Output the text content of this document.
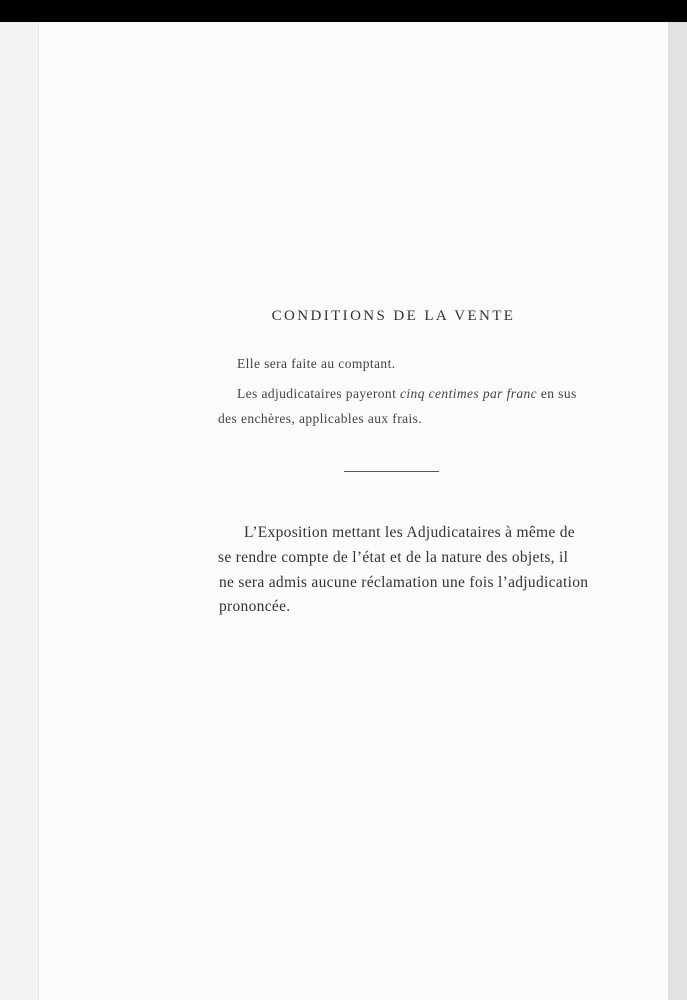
CONDITIONS DE LA VENTE
Elle sera faite au comptant.
Les adjudicataires payeront cinq centimes par franc en sus
des enchères, applicables aux frais.
L’Exposition mettant les Adjudicataires à même de
se rendre compte de l’état et de la nature des objets, il
ne sera admis aucune réclamation une fois l’adjudication
prononcée.
